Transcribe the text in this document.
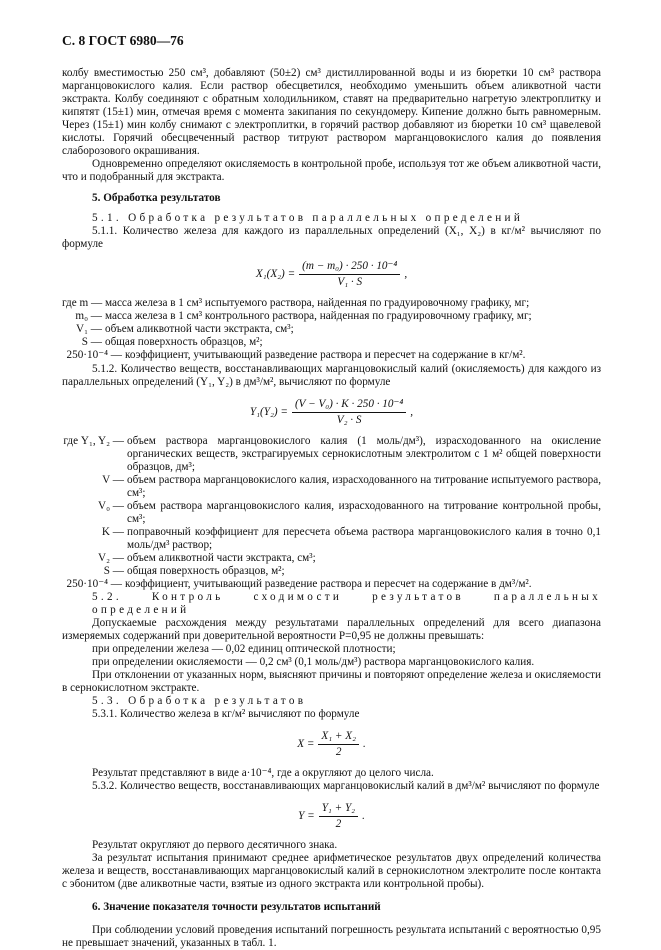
С. 8 ГОСТ 6980—76

колбу вместимостью 250 см³, добавляют (50±2) см³ дистиллированной воды и из бюретки 10 см³ раствора марганцовокислого калия. Если раствор обесцветился, необходимо уменьшить объем аликвотной части экстракта. Колбу соединяют с обратным холодильником, ставят на предварительно нагретую электроплитку и кипятят (15±1) мин, отмечая время с момента закипания по секундомеру. Кипение должно быть равномерным. Через (15±1) мин колбу снимают с электроплитки, в горячий раствор добавляют из бюретки 10 см³ щавелевой кислоты. Горячий обесцвеченный раствор титруют раствором марганцовокислого калия до появления слаборозового окрашивания.

Одновременно определяют окисляемость в контрольной пробе, используя тот же объем аликвотной части, что и подобранный для экстракта.

5. Обработка результатов

5.1. Обработка результатов параллельных определений

5.1.1. Количество железа для каждого из параллельных определений (X₁, X₂) в кг/м² вычисляют по формуле

$X_1(X_2) = \frac{\text{(m − m₀) · 250 · 10⁻⁴}}{\text{V₁ · S}}$ ,
где m — масса железа в 1 см³ испытуемого раствора, найденная по градуировочному графику, мг;
m₀ — масса железа в 1 см³ контрольного раствора, найденная по градуировочному графику, мг;
V₁ — объем аликвотной части экстракта, см³;
S — общая поверхность образцов, м²;
250·10⁻⁴ — коэффициент, учитывающий разведение раствора и пересчет на содержание в кг/м².

5.1.2. Количество веществ, восстанавливающих марганцовокислый калий (окисляемость) для каждого из параллельных определений (Y₁, Y₂) в дм³/м², вычисляют по формуле

$Y_1(Y_2) = \frac{\text{(V − V₀) · K · 250 · 10⁻⁴}}{\text{V₂ · S}}$ ,
где Y₁, Y₂ — объем раствора марганцовокислого калия (1 моль/дм³), израсходованного на окисление органических веществ, экстрагируемых сернокислотным электролитом с 1 м² общей поверхности образцов, дм³;
V — объем раствора марганцовокислого калия, израсходованного на титрование испытуемого раствора, см³;
V₀ — объем раствора марганцовокислого калия, израсходованного на титрование контрольной пробы, см³;
K — поправочный коэффициент для пересчета объема раствора марганцовокислого калия в точно 0,1 моль/дм³ раствор;
V₂ — объем аликвотной части экстракта, см³;
S — общая поверхность образцов, м²;
250·10⁻⁴ — коэффициент, учитывающий разведение раствора и пересчет на содержание в дм³/м².

5.2. Контроль сходимости результатов параллельных определений

Допускаемые расхождения между результатами параллельных определений для всего диапазона измеряемых содержаний при доверительной вероятности P=0,95 не должны превышать:

при определении железа — 0,02 единиц оптической плотности;

при определении окисляемости — 0,2 см³ (0,1 моль/дм³) раствора марганцовокислого калия.

При отклонении от указанных норм, выясняют причины и повторяют определение железа и окисляемости в сернокислотном экстракте.

5.3. Обработка результатов

5.3.1. Количество железа в кг/м² вычисляют по формуле

$X = \frac{\text{X₁ + X₂}}{2}$ .

Результат представляют в виде a·10⁻⁴, где a округляют до целого числа.

5.3.2. Количество веществ, восстанавливающих марганцовокислый калий в дм³/м² вычисляют по формуле

$Y = \frac{\text{Y₁ + Y₂}}{2}$ .

Результат округляют до первого десятичного знака.

За результат испытания принимают среднее арифметическое результатов двух определений количества железа и веществ, восстанавливающих марганцовокислый калий в сернокислотном электролите после контакта с эбонитом (две аликвотные части, взятые из одного экстракта или контрольной пробы).

6. Значение показателя точности результатов испытаний

При соблюдении условий проведения испытаний погрешность результата испытаний с вероятностью 0,95 не превышает значений, указанных в табл. 1.
